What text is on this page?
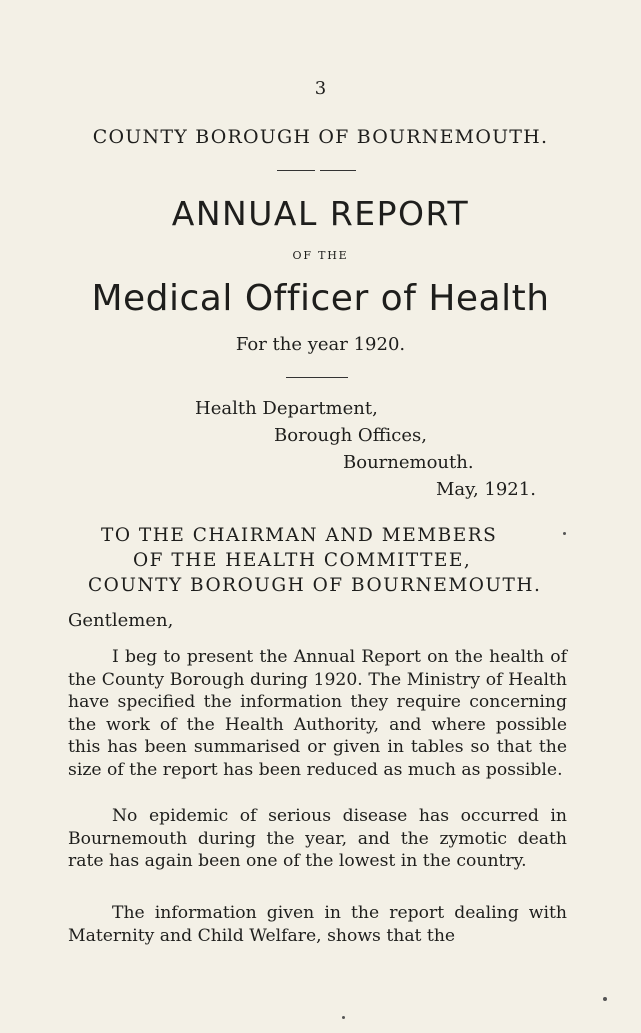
3
COUNTY BOROUGH OF BOURNEMOUTH.
ANNUAL REPORT
OF THE
Medical Officer of Health
For the year 1920.
Health Department,
Borough Offices,
Bournemouth.
May, 1921.
TO THE CHAIRMAN AND MEMBERS
OF THE HEALTH COMMITTEE,
COUNTY BOROUGH OF BOURNEMOUTH.
Gentlemen,
I beg to present the Annual Report on the health of the County Borough during 1920. The Ministry of Health have specified the information they require concerning the work of the Health Authority, and where possible this has been summarised or given in tables so that the size of the report has been reduced as much as possible.
No epidemic of serious disease has occurred in Bournemouth during the year, and the zymotic death rate has again been one of the lowest in the country.
The information given in the report dealing with Maternity and Child Welfare, shows that the
